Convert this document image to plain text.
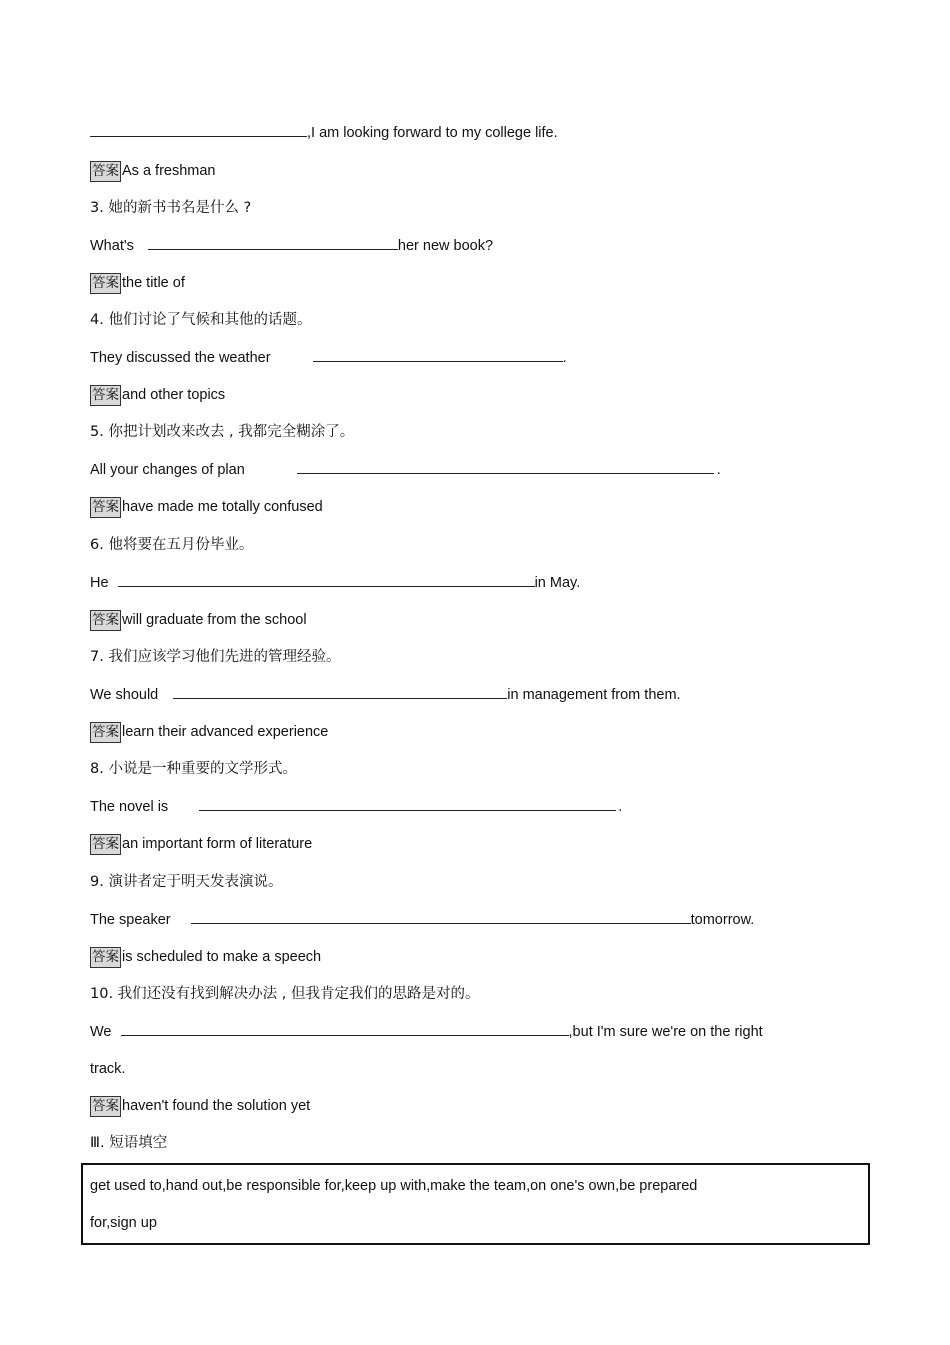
,I am looking forward to my college life.
答案 As a freshman
3. 她的新书书名是什么 ?
What's	her new book?
答案 the title of
4. 他们讨论了气候和其他的话题。
They discussed the weather	.
答案 and other topics
5. 你把计划改来改去 , 我都完全糊涂了。
All your changes of plan	.
答案 have made me totally confused
6. 他将要在五月份毕业。
He	in May.
答案 will graduate from the school
7. 我们应该学习他们先进的管理经验。
We should	in management from them.
答案 learn their advanced experience
8. 小说是一种重要的文学形式。
The novel is	.
答案 an important form of literature
9. 演讲者定于明天发表演说。
The speaker	tomorrow.
答案 is scheduled to make a speech
10. 我们还没有找到解决办法 , 但我肯定我们的思路是对的。
We	,but I'm sure we're on the right
track.
答案 haven't found the solution yet
Ⅲ. 短语填空
get used to,hand out,be responsible for,keep up with,make the team,on one's own,be prepared
for,sign up
